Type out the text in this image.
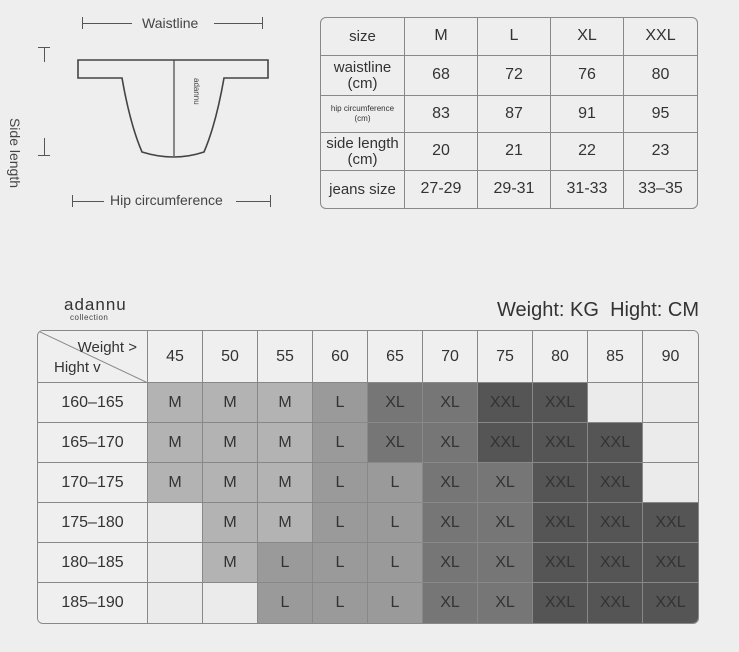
Waistline
Side length
adannu
Hip circumference
size	M	L	XL	XXL
waistline
(cm)	68	72	76	80
hip circumference
(cm)	83	87	91	95
side length
(cm)	20	21	22	23
jeans size	27-29	29-31	31-33	33–35
adannu
collection	Weight: KG Hight: CM
Weight >
Hight v	45	50	55	60	65	70	75	80	85	90
160–165	M	M	M	L	XL	XL	XXL	XXL		
165–170	M	M	M	L	XL	XL	XXL	XXL	XXL	
170–175	M	M	M	L	L	XL	XL	XXL	XXL	
175–180		M	M	L	L	XL	XL	XXL	XXL	XXL
180–185		M	L	L	L	XL	XL	XXL	XXL	XXL
185–190			L	L	L	XL	XL	XXL	XXL	XXL
